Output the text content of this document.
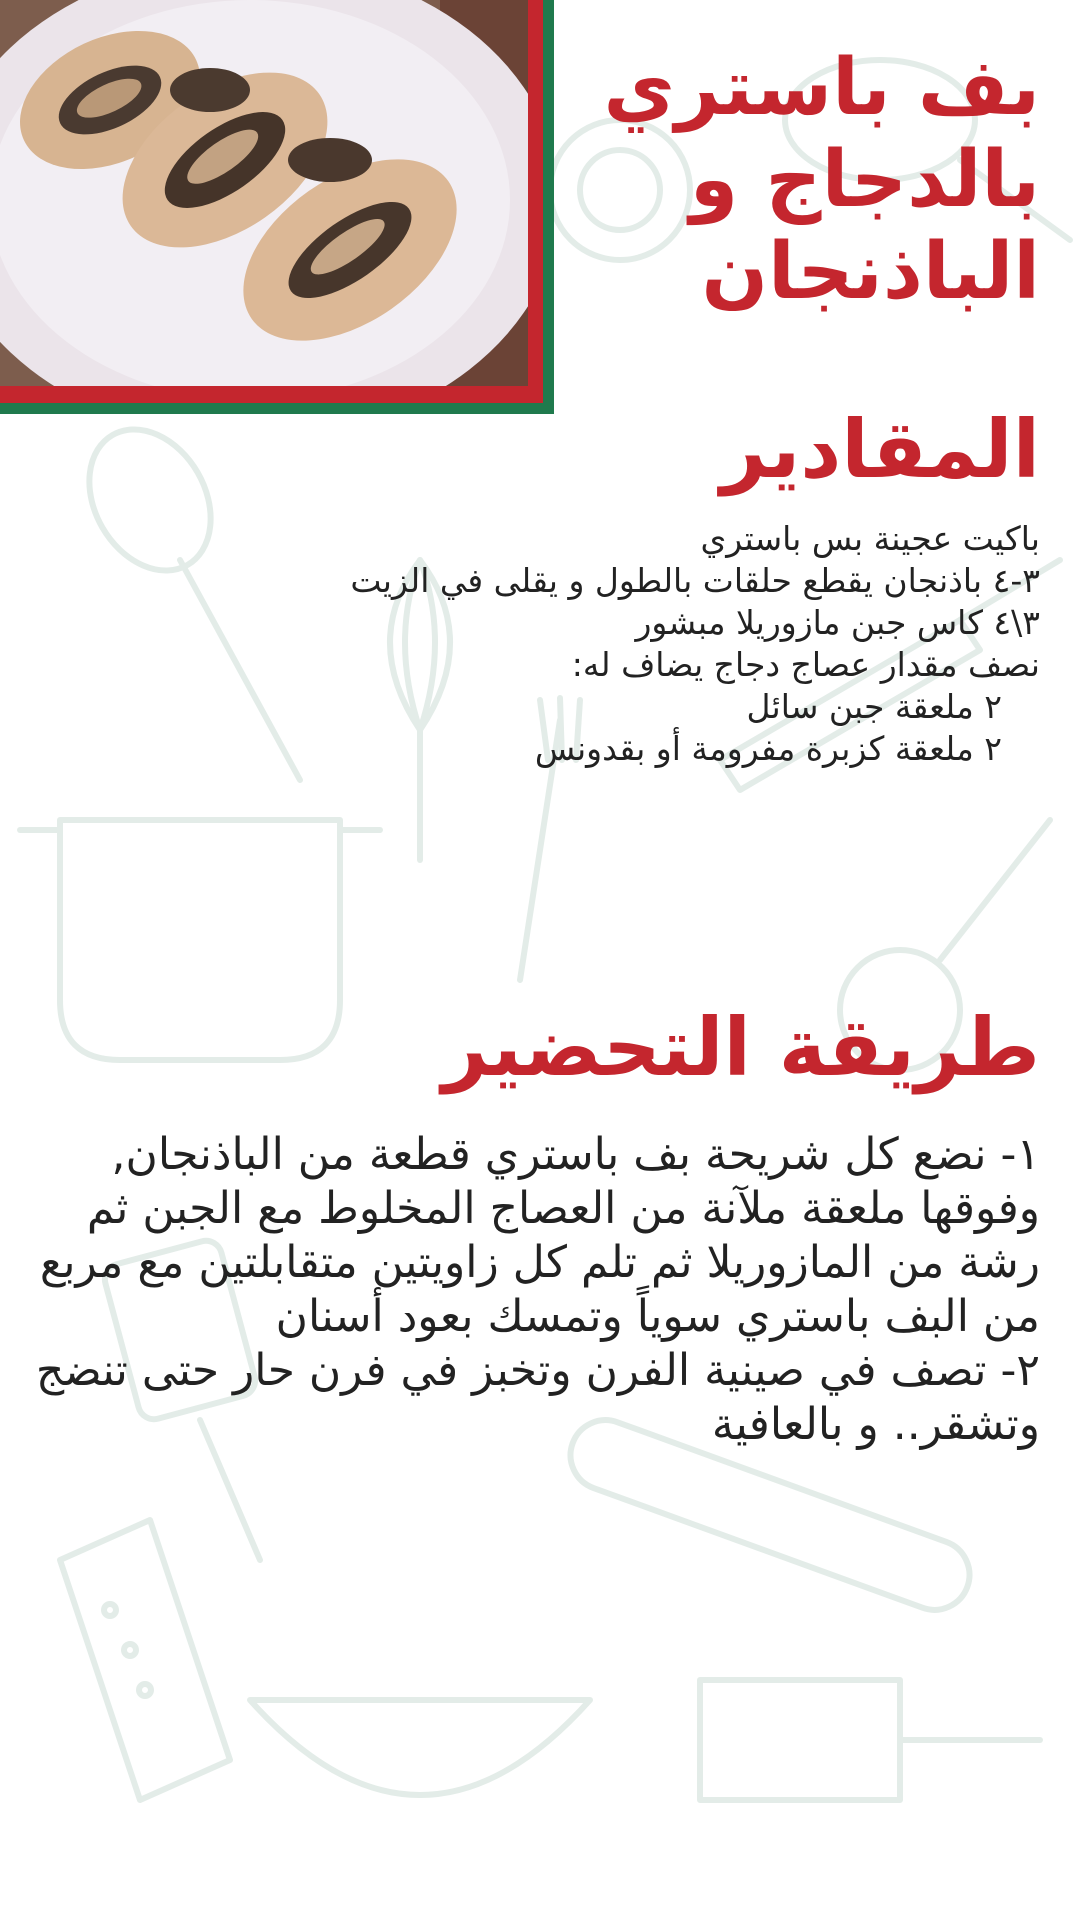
بف باستري
بالدجاج و
الباذنجان
المقادير
باكيت عجينة بس باستري
٣-٤ باذنجان يقطع حلقات بالطول و يقلى في الزيت
٣\٤ كاس جبن مازوريلا مبشور
نصف مقدار عصاج دجاج يضاف له:
٢ ملعقة جبن سائل
٢ ملعقة كزبرة مفرومة أو بقدونس
طريقة التحضير

١- نضع كل شريحة بف باستري قطعة من الباذنجان, وفوقها ملعقة ملآنة من العصاج المخلوط مع الجبن ثم رشة من المازوريلا ثم تلم كل زاويتين متقابلتين مع مربع من البف باستري سوياً وتمسك بعود أسنان

٢- تصف في صينية الفرن وتخبز في فرن حار حتى تنضج وتشقر.. و بالعافية
